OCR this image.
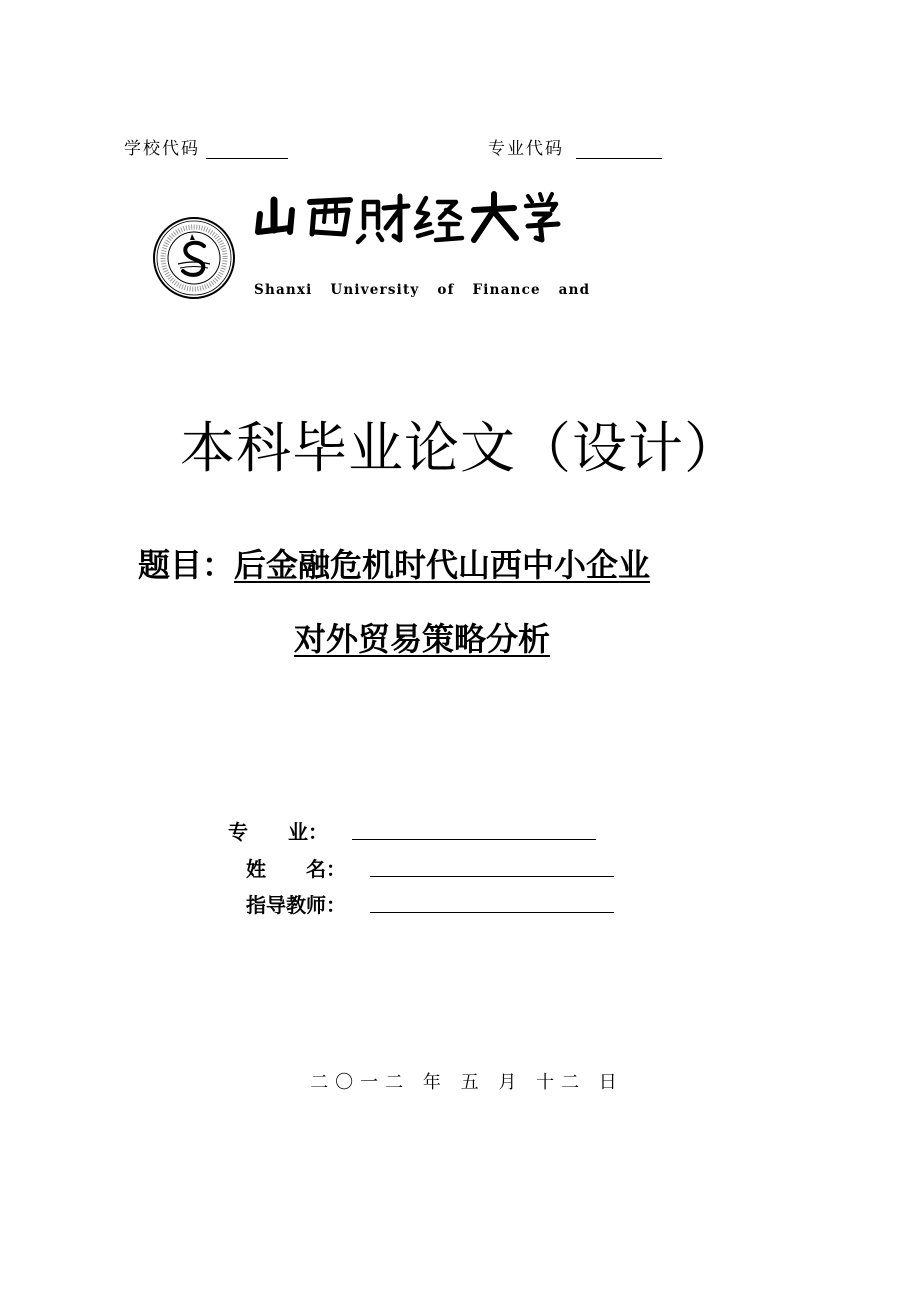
学校代码	专业代码
Shanxi University of Finance and
本科毕业论文（设计）
题目：后金融危机时代山西中小企业
对外贸易策略分析
专　　业：
姓　　名：
指导教师：
二〇一二 年 五 月 十二 日
